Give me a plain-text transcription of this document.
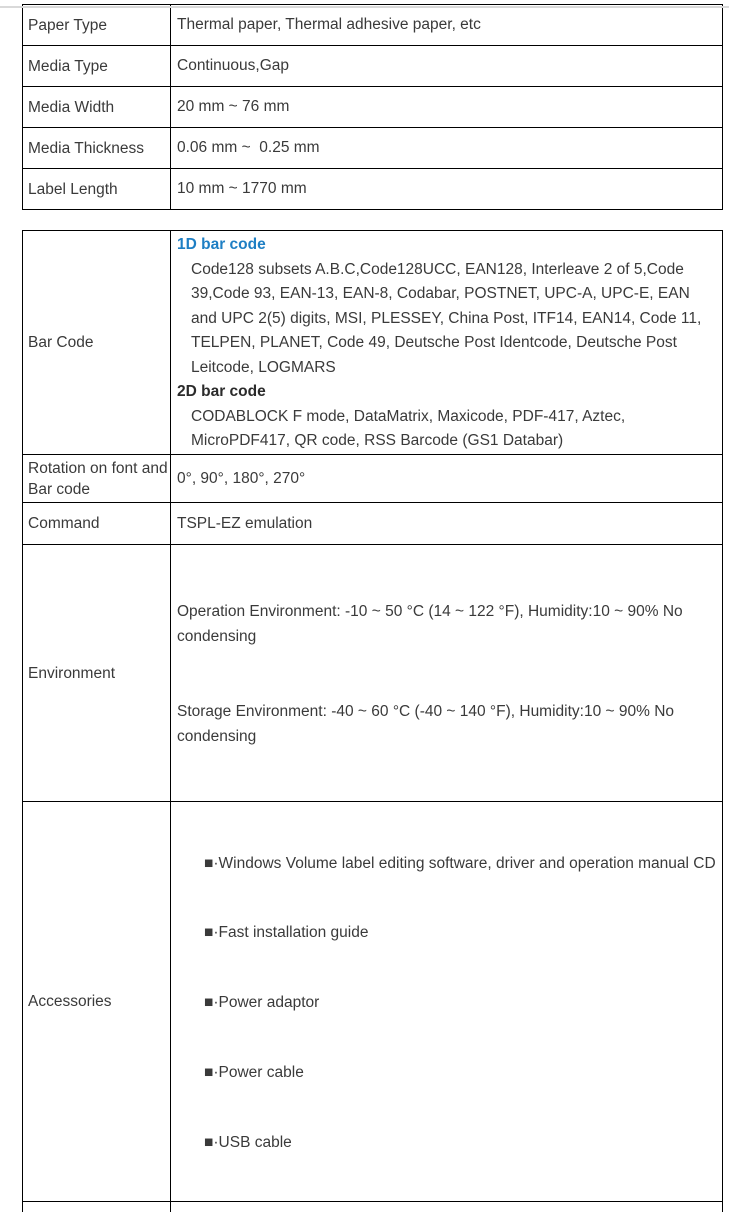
Paper Type	Thermal paper, Thermal adhesive paper, etc
Media Type	Continuous,Gap
Media Width	20 mm ~ 76 mm
Media Thickness	0.06 mm ~  0.25 mm
Label Length	10 mm ~ 1770 mm
Bar Code	1D bar code
Code128 subsets A.B.C,Code128UCC, EAN128, Interleave 2 of 5,Code 39,Code 93, EAN-13, EAN-8, Codabar, POSTNET, UPC-A, UPC-E, EAN and UPC 2(5) digits, MSI, PLESSEY, China Post, ITF14, EAN14, Code 11, TELPEN, PLANET, Code 49, Deutsche Post Identcode, Deutsche Post Leitcode, LOGMARS
2D bar code
CODABLOCK F mode, DataMatrix, Maxicode, PDF-417, Aztec, MicroPDF417, QR code, RSS Barcode (GS1 Databar)

Rotation on font and Bar code	0°, 90°, 180°, 270°
Command	TSPL-EZ emulation
Environment	Operation Environment: -10 ~ 50 °C (14 ~ 122 °F), Humidity:10 ~ 90% No condensing

Storage Environment: -40 ~ 60 °C (-40 ~ 140 °F), Humidity:10 ~ 90% No condensing

Accessories	■·Windows Volume label editing software, driver and operation manual CD

■·Fast installation guide

■·Power adaptor

■·Power cable

■·USB cable
